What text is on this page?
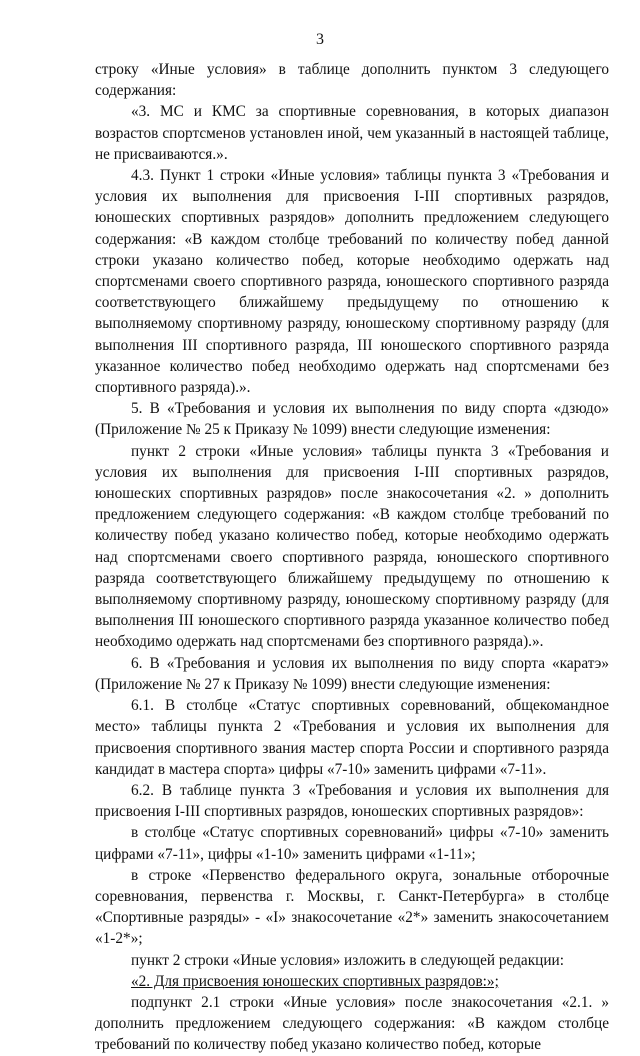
3

строку «Иные условия» в таблице дополнить пунктом 3 следующего содержания:

«3. МС и КМС за спортивные соревнования, в которых диапазон возрастов спортсменов установлен иной, чем указанный в настоящей таблице, не присваиваются.».

4.3. Пункт 1 строки «Иные условия» таблицы пункта 3 «Требования и условия их выполнения для присвоения I-III спортивных разрядов, юношеских спортивных разрядов» дополнить предложением следующего содержания: «В каждом столбце требований по количеству побед данной строки указано количество побед, которые необходимо одержать над спортсменами своего спортивного разряда, юношеского спортивного разряда соответствующего ближайшему предыдущему по отношению к выполняемому спортивному разряду, юношескому спортивному разряду (для выполнения III спортивного разряда, III юношеского спортивного разряда указанное количество побед необходимо одержать над спортсменами без спортивного разряда).».

5. В «Требования и условия их выполнения по виду спорта «дзюдо» (Приложение № 25 к Приказу № 1099) внести следующие изменения:

пункт 2 строки «Иные условия» таблицы пункта 3 «Требования и условия их выполнения для присвоения I-III спортивных разрядов, юношеских спортивных разрядов» после знакосочетания «2. » дополнить предложением следующего содержания: «В каждом столбце требований по количеству побед указано количество побед, которые необходимо одержать над спортсменами своего спортивного разряда, юношеского спортивного разряда соответствующего ближайшему предыдущему по отношению к выполняемому спортивному разряду, юношескому спортивному разряду (для выполнения III юношеского спортивного разряда указанное количество побед необходимо одержать над спортсменами без спортивного разряда).».

6. В «Требования и условия их выполнения по виду спорта «каратэ» (Приложение № 27 к Приказу № 1099) внести следующие изменения:

6.1. В столбце «Статус спортивных соревнований, общекомандное место» таблицы пункта 2 «Требования и условия их выполнения для присвоения спортивного звания мастер спорта России и спортивного разряда кандидат в мастера спорта» цифры «7-10» заменить цифрами «7-11».

6.2. В таблице пункта 3 «Требования и условия их выполнения для присвоения I-III спортивных разрядов, юношеских спортивных разрядов»:

в столбце «Статус спортивных соревнований» цифры «7-10» заменить цифрами «7-11», цифры «1-10» заменить цифрами «1-11»;

в строке «Первенство федерального округа, зональные отборочные соревнования, первенства г. Москвы, г. Санкт-Петербурга» в столбце «Спортивные разряды» - «I» знакосочетание «2*» заменить знакосочетанием «1-2*»;

пункт 2 строки «Иные условия» изложить в следующей редакции:

«2. Для присвоения юношеских спортивных разрядов:»;

подпункт 2.1 строки «Иные условия» после знакосочетания «2.1. » дополнить предложением следующего содержания: «В каждом столбце требований по количеству побед указано количество побед, которые
